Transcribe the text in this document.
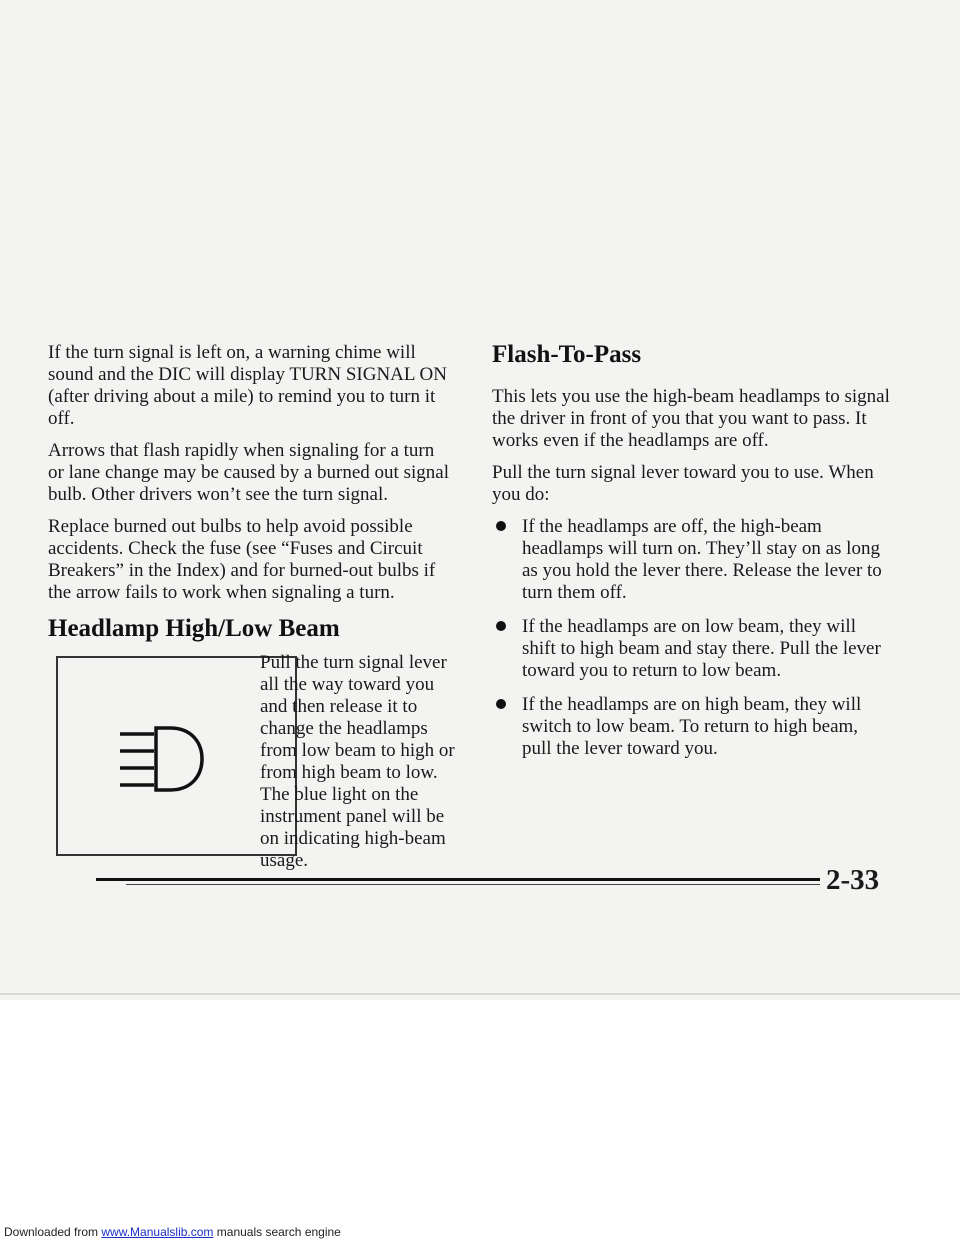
If the turn signal is left on, a warning chime will sound and the DIC will display TURN SIGNAL ON (after driving about a mile) to remind you to turn it off.

Arrows that flash rapidly when signaling for a turn or lane change may be caused by a burned out signal bulb. Other drivers won’t see the turn signal.

Replace burned out bulbs to help avoid possible accidents. Check the fuse (see “Fuses and Circuit Breakers” in the Index) and for burned-out bulbs if the arrow fails to work when signaling a turn.

Headlamp High/Low Beam
Pull the turn signal lever all the way toward you and then release it to change the headlamps from low beam to high or from high beam to low. The blue light on the instrument panel will be on indicating high-beam usage.
Flash-To-Pass

This lets you use the high-beam headlamps to signal the driver in front of you that you want to pass. It works even if the headlamps are off.

Pull the turn signal lever toward you to use. When you do:

If the headlamps are off, the high-beam headlamps will turn on. They’ll stay on as long as you hold the lever there. Release the lever to turn them off.
If the headlamps are on low beam, they will shift to high beam and stay there. Pull the lever toward you to return to low beam.
If the headlamps are on high beam, they will switch to low beam. To return to high beam, pull the lever toward you.
2-33
Downloaded from www.Manualslib.com manuals search engine
